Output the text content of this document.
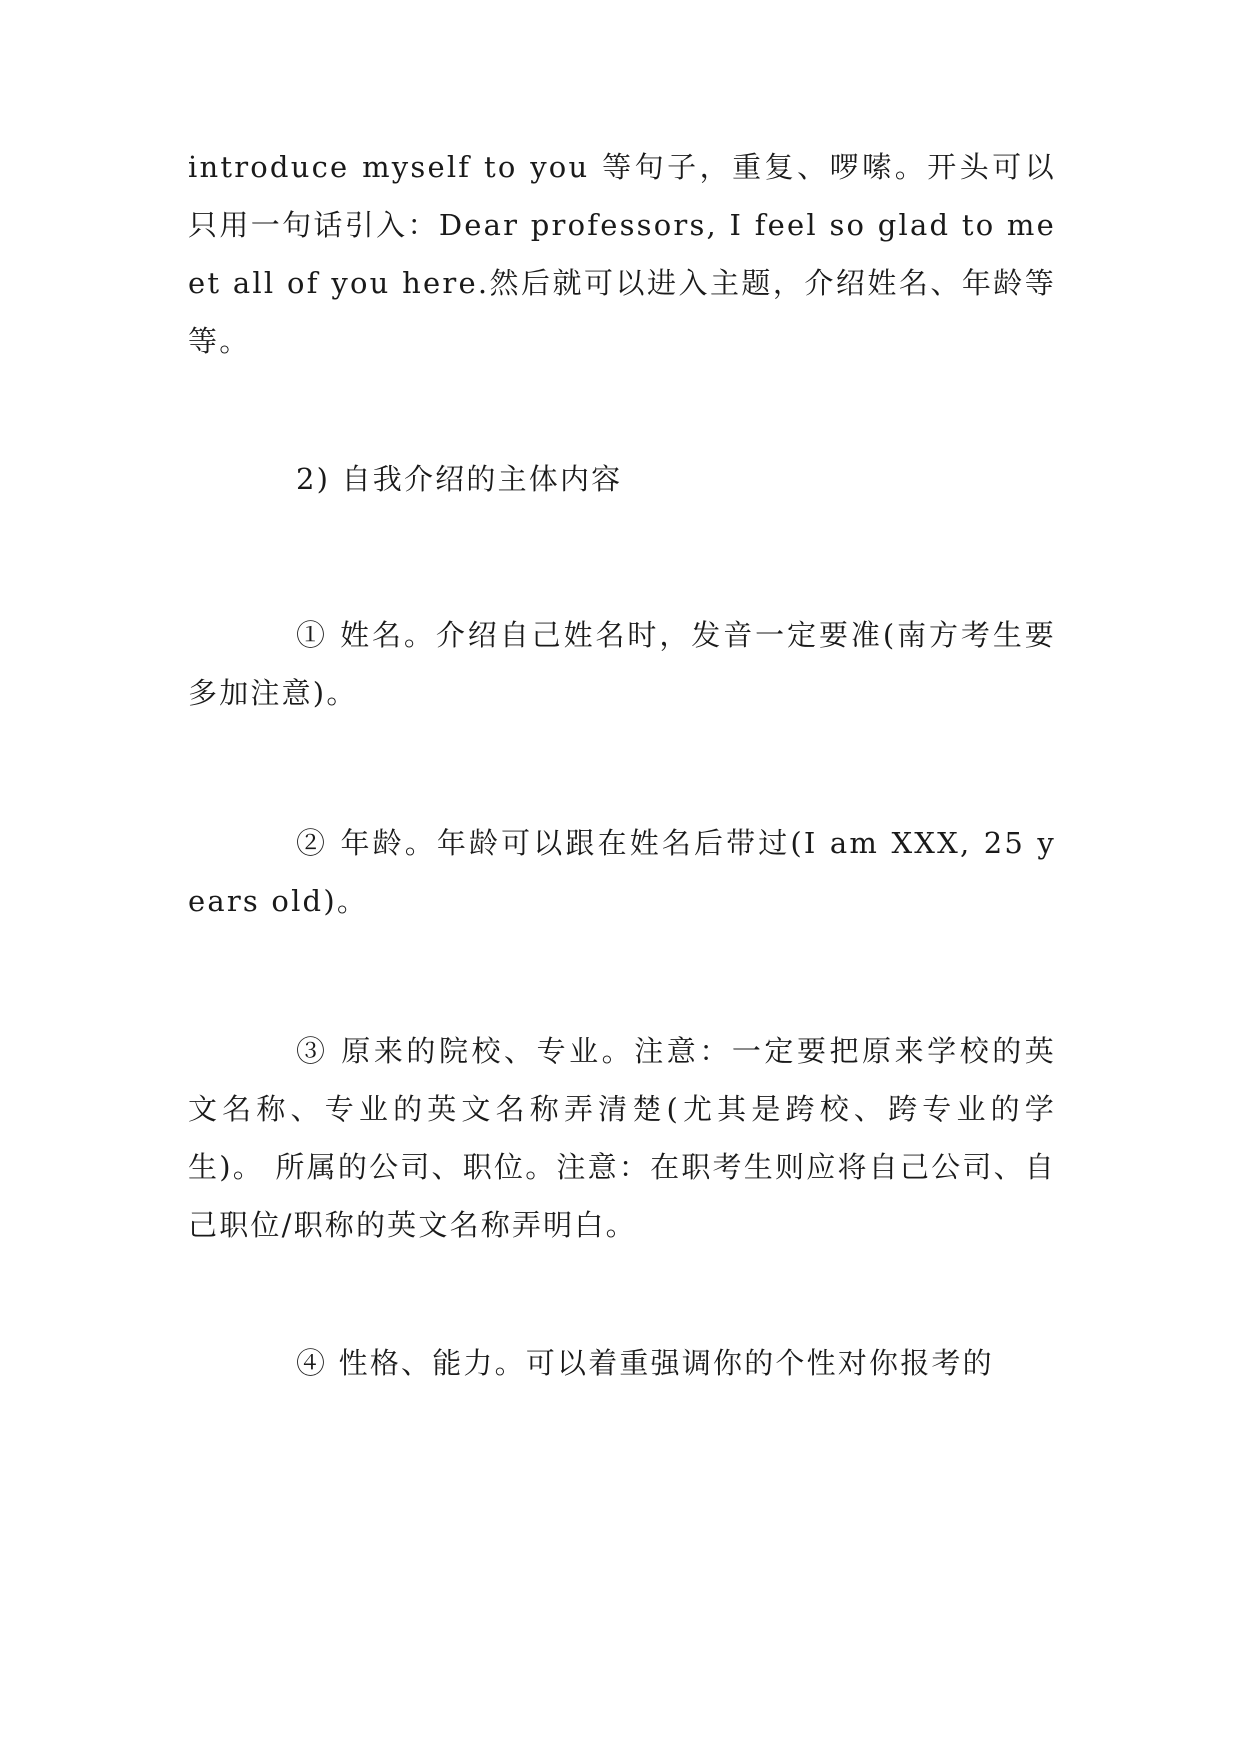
introduce myself to you 等句子，重复、啰嗦。开头可以只用一句话引入：Dear professors, I feel so glad to meet all of you here.然后就可以进入主题，介绍姓名、年龄等等。

2) 自我介绍的主体内容

① 姓名。介绍自己姓名时，发音一定要准(南方考生要多加注意)。

② 年龄。年龄可以跟在姓名后带过(I am XXX, 25 years old)。

③ 原来的院校、专业。注意：一定要把原来学校的英文名称、专业的英文名称弄清楚(尤其是跨校、跨专业的学生)。 所属的公司、职位。注意：在职考生则应将自己公司、自己职位/职称的英文名称弄明白。

④ 性格、能力。可以着重强调你的个性对你报考的
